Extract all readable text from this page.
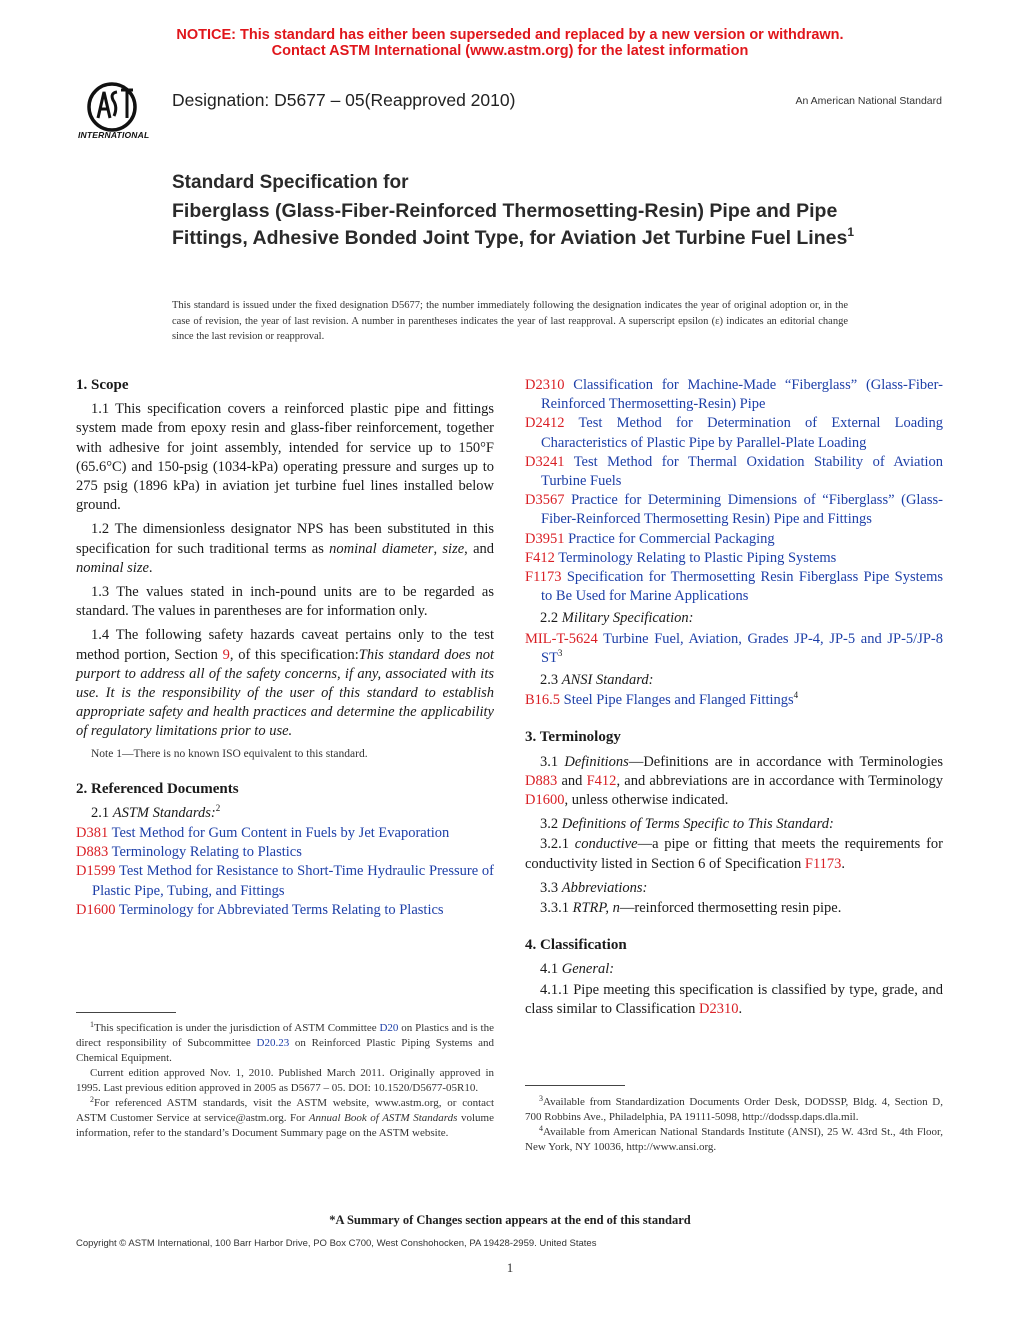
NOTICE: This standard has either been superseded and replaced by a new version or withdrawn.
Contact ASTM International (www.astm.org) for the latest information
INTERNATIONAL
Designation: D5677 – 05(Reapproved 2010)	An American National Standard
Standard Specification for
Fiberglass (Glass-Fiber-Reinforced Thermosetting-Resin) Pipe and Pipe Fittings, Adhesive Bonded Joint Type, for Aviation Jet Turbine Fuel Lines$^1$
This standard is issued under the fixed designation D5677; the number immediately following the designation indicates the year of original adoption or, in the case of revision, the year of last revision. A number in parentheses indicates the year of last reapproval. A superscript epsilon (ε) indicates an editorial change since the last revision or reapproval.
1. Scope

1.1 This specification covers a reinforced plastic pipe and fittings system made from epoxy resin and glass-fiber reinforcement, together with adhesive for joint assembly, intended for service up to 150°F (65.6°C) and 150-psig (1034-kPa) operating pressure and surges up to 275 psig (1896 kPa) in aviation jet turbine fuel lines installed below ground.

1.2 The dimensionless designator NPS has been substituted in this specification for such traditional terms as nominal diameter, size, and nominal size.

1.3 The values stated in inch-pound units are to be regarded as standard. The values in parentheses are for information only.

1.4 The following safety hazards caveat pertains only to the test method portion, Section 9, of this specification:This standard does not purport to address all of the safety concerns, if any, associated with its use. It is the responsibility of the user of this standard to establish appropriate safety and health practices and determine the applicability of regulatory limitations prior to use.

Note 1—There is no known ISO equivalent to this standard.
2. Referenced Documents
2.1 ASTM Standards:$^2$
D381 Test Method for Gum Content in Fuels by Jet Evaporation
D883 Terminology Relating to Plastics
D1599 Test Method for Resistance to Short-Time Hydraulic Pressure of Plastic Pipe, Tubing, and Fittings
D1600 Terminology for Abbreviated Terms Relating to Plastics
D2310 Classification for Machine-Made “Fiberglass” (Glass-Fiber-Reinforced Thermosetting-Resin) Pipe
D2412 Test Method for Determination of External Loading Characteristics of Plastic Pipe by Parallel-Plate Loading
D3241 Test Method for Thermal Oxidation Stability of Aviation Turbine Fuels
D3567 Practice for Determining Dimensions of “Fiberglass” (Glass-Fiber-Reinforced Thermosetting Resin) Pipe and Fittings
D3951 Practice for Commercial Packaging
F412 Terminology Relating to Plastic Piping Systems
F1173 Specification for Thermosetting Resin Fiberglass Pipe Systems to Be Used for Marine Applications
2.2 Military Specification:
MIL-T-5624 Turbine Fuel, Aviation, Grades JP-4, JP-5 and JP-5/JP-8 $ST^3$
2.3 ANSI Standard:
B16.5 Steel Pipe Flanges and Flanged Fittings$^4$
3. Terminology

3.1 Definitions—Definitions are in accordance with Terminologies D883 and F412, and abbreviations are in accordance with Terminology D1600, unless otherwise indicated.

3.2 Definitions of Terms Specific to This Standard:

3.2.1 conductive—a pipe or fitting that meets the requirements for conductivity listed in Section 6 of Specification F1173.

3.3 Abbreviations:
3.3.1 RTRP, n—reinforced thermosetting resin pipe.
4. Classification
4.1 General:

4.1.1 Pipe meeting this specification is classified by type, grade, and class similar to Classification D2310.

$^1$This specification is under the jurisdiction of ASTM Committee D20 on Plastics and is the direct responsibility of Subcommittee D20.23 on Reinforced Plastic Piping Systems and Chemical Equipment.

Current edition approved Nov. 1, 2010. Published March 2011. Originally approved in 1995. Last previous edition approved in 2005 as D5677 – 05. DOI: 10.1520/D5677-05R10.

$^2$For referenced ASTM standards, visit the ASTM website, www.astm.org, or contact ASTM Customer Service at service@astm.org. For Annual Book of ASTM Standards volume information, refer to the standard’s Document Summary page on the ASTM website.

$^3$Available from Standardization Documents Order Desk, DODSSP, Bldg. 4, Section D, 700 Robbins Ave., Philadelphia, PA 19111-5098, http://dodssp.daps.dla.mil.

$^4$Available from American National Standards Institute (ANSI), 25 W. 43rd St., 4th Floor, New York, NY 10036, http://www.ansi.org.

*A Summary of Changes section appears at the end of this standard
Copyright © ASTM International, 100 Barr Harbor Drive, PO Box C700, West Conshohocken, PA 19428-2959. United States
1
